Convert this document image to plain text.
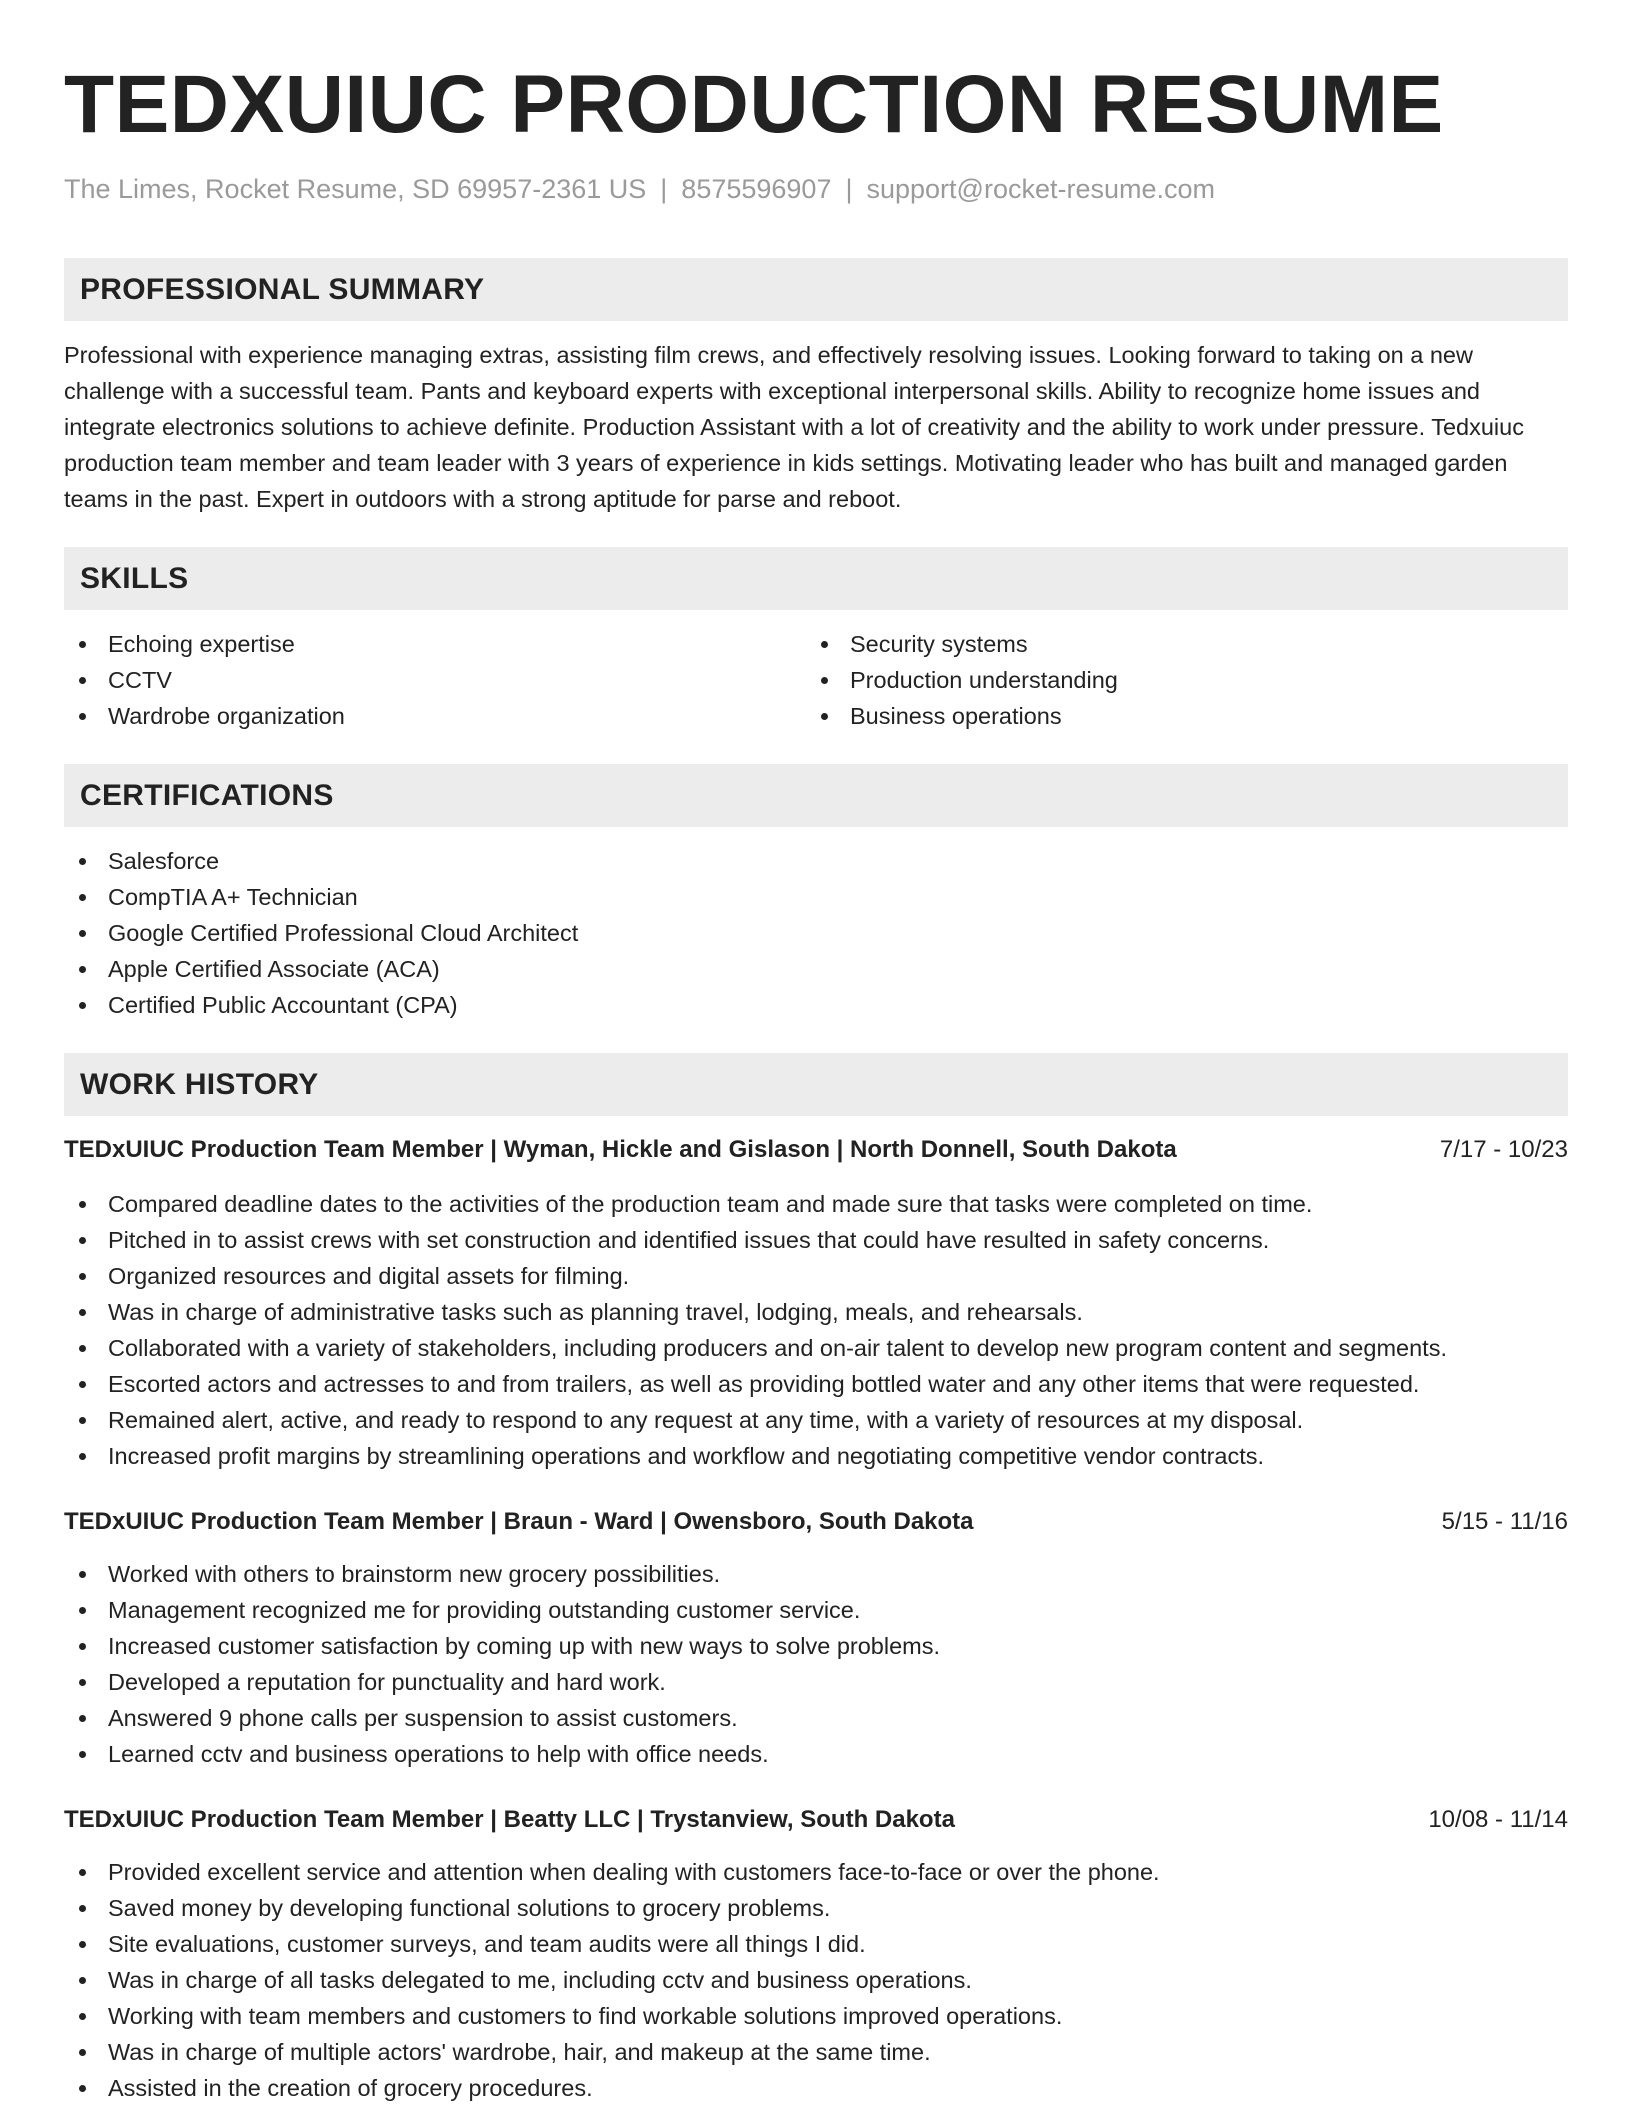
TEDXUIUC PRODUCTION RESUME
The Limes, Rocket Resume, SD 69957-2361 US | 8575596907 | support@rocket-resume.com
PROFESSIONAL SUMMARY

Professional with experience managing extras, assisting film crews, and effectively resolving issues. Looking forward to taking on a new challenge with a successful team. Pants and keyboard experts with exceptional interpersonal skills. Ability to recognize home issues and integrate electronics solutions to achieve definite. Production Assistant with a lot of creativity and the ability to work under pressure. Tedxuiuc production team member and team leader with 3 years of experience in kids settings. Motivating leader who has built and managed garden teams in the past. Expert in outdoors with a strong aptitude for parse and reboot.

SKILLS
Echoing expertise
CCTV
Wardrobe organization
Security systems
Production understanding
Business operations
CERTIFICATIONS
Salesforce
CompTIA A+ Technician
Google Certified Professional Cloud Architect
Apple Certified Associate (ACA)
Certified Public Accountant (CPA)
WORK HISTORY
TEDxUIUC Production Team Member | Wyman, Hickle and Gislason | North Donnell, South Dakota	7/17 - 10/23
Compared deadline dates to the activities of the production team and made sure that tasks were completed on time.
Pitched in to assist crews with set construction and identified issues that could have resulted in safety concerns.
Organized resources and digital assets for filming.
Was in charge of administrative tasks such as planning travel, lodging, meals, and rehearsals.
Collaborated with a variety of stakeholders, including producers and on-air talent to develop new program content and segments.
Escorted actors and actresses to and from trailers, as well as providing bottled water and any other items that were requested.
Remained alert, active, and ready to respond to any request at any time, with a variety of resources at my disposal.
Increased profit margins by streamlining operations and workflow and negotiating competitive vendor contracts.
TEDxUIUC Production Team Member | Braun - Ward | Owensboro, South Dakota	5/15 - 11/16
Worked with others to brainstorm new grocery possibilities.
Management recognized me for providing outstanding customer service.
Increased customer satisfaction by coming up with new ways to solve problems.
Developed a reputation for punctuality and hard work.
Answered 9 phone calls per suspension to assist customers.
Learned cctv and business operations to help with office needs.
TEDxUIUC Production Team Member | Beatty LLC | Trystanview, South Dakota	10/08 - 11/14
Provided excellent service and attention when dealing with customers face-to-face or over the phone.
Saved money by developing functional solutions to grocery problems.
Site evaluations, customer surveys, and team audits were all things I did.
Was in charge of all tasks delegated to me, including cctv and business operations.
Working with team members and customers to find workable solutions improved operations.
Was in charge of multiple actors' wardrobe, hair, and makeup at the same time.
Assisted in the creation of grocery procedures.
